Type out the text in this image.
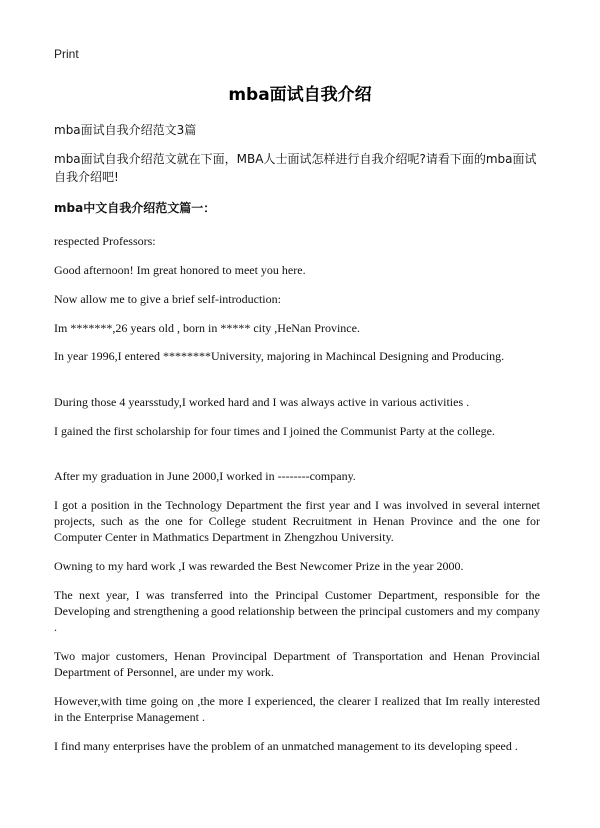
Print
mba面试自我介绍
mba面试自我介绍范文3篇
mba面试自我介绍范文就在下面，MBA人士面试怎样进行自我介绍呢?请看下面的mba面试自我介绍吧!
mba中文自我介绍范文篇一：
respected Professors:
Good afternoon! Im great honored to meet you here.
Now allow me to give a brief self-introduction:
Im *******,26 years old , born in ***** city ,HeNan Province.
In year 1996,I entered ********University, majoring in Machincal Designing and Producing.
During those 4 yearsstudy,I worked hard and I was always active in various activities .
I gained the first scholarship for four times and I joined the Communist Party at the college.
After my graduation in June 2000,I worked in --------company.
I got a position in the Technology Department the first year and I was involved in several internet projects, such as the one for College student Recruitment in Henan Province and the one for Computer Center in Mathmatics Department in Zhengzhou University.
Owning to my hard work ,I was rewarded the Best Newcomer Prize in the year 2000.
The next year, I was transferred into the Principal Customer Department, responsible for the Developing and strengthening a good relationship between the principal customers and my company .
Two major customers, Henan Provincipal Department of Transportation and Henan Provincial Department of Personnel, are under my work.
However,with time going on ,the more I experienced, the clearer I realized that Im really interested in the Enterprise Management .
I find many enterprises have the problem of an unmatched management to its developing speed .
